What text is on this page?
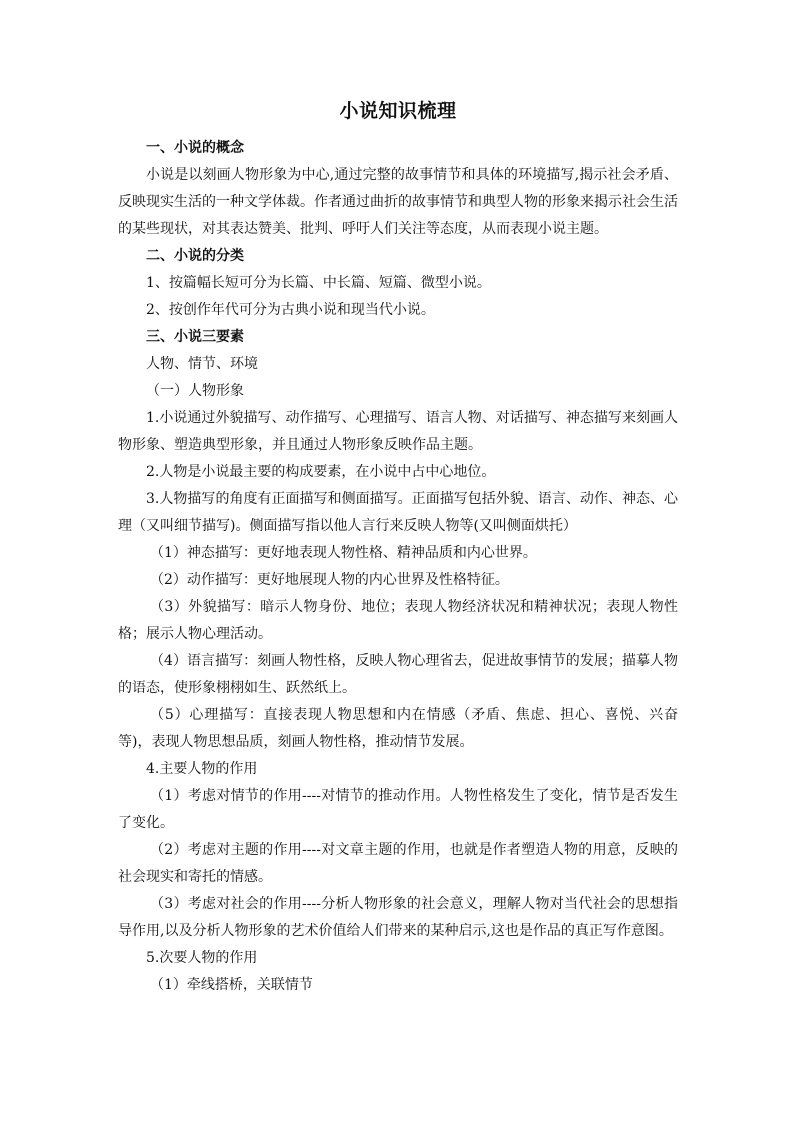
小说知识梳理
一、小说的概念

小说是以刻画人物形象为中心,通过完整的故事情节和具体的环境描写,揭示社会矛盾、反映现实生活的一种文学体裁。作者通过曲折的故事情节和典型人物的形象来揭示社会生活的某些现状，对其表达赞美、批判、呼吁人们关注等态度，从而表现小说主题。

二、小说的分类

1、按篇幅长短可分为长篇、中长篇、短篇、微型小说。

2、按创作年代可分为古典小说和现当代小说。

三、小说三要素

人物、情节、环境

（一）人物形象

1.小说通过外貌描写、动作描写、心理描写、语言人物、对话描写、神态描写来刻画人物形象、塑造典型形象，并且通过人物形象反映作品主题。

2.人物是小说最主要的构成要素，在小说中占中心地位。

3.人物描写的角度有正面描写和侧面描写。正面描写包括外貌、语言、动作、神态、心理（又叫细节描写)。侧面描写指以他人言行来反映人物等(又叫侧面烘托）

（1）神态描写：更好地表现人物性格、精神品质和内心世界。

（2）动作描写：更好地展现人物的内心世界及性格特征。

（3）外貌描写：暗示人物身份、地位；表现人物经济状况和精神状况；表现人物性格；展示人物心理活动。

（4）语言描写：刻画人物性格，反映人物心理省去，促进故事情节的发展；描摹人物的语态，使形象栩栩如生、跃然纸上。

（5）心理描写：直接表现人物思想和内在情感（矛盾、焦虑、担心、喜悦、兴奋等)，表现人物思想品质，刻画人物性格，推动情节发展。

4.主要人物的作用

（1）考虑对情节的作用----对情节的推动作用。人物性格发生了变化，情节是否发生了变化。

（2）考虑对主题的作用----对文章主题的作用，也就是作者塑造人物的用意，反映的社会现实和寄托的情感。

（3）考虑对社会的作用----分析人物形象的社会意义，理解人物对当代社会的思想指导作用,以及分析人物形象的艺术价值给人们带来的某种启示,这也是作品的真正写作意图。

5.次要人物的作用

（1）牵线搭桥，关联情节
